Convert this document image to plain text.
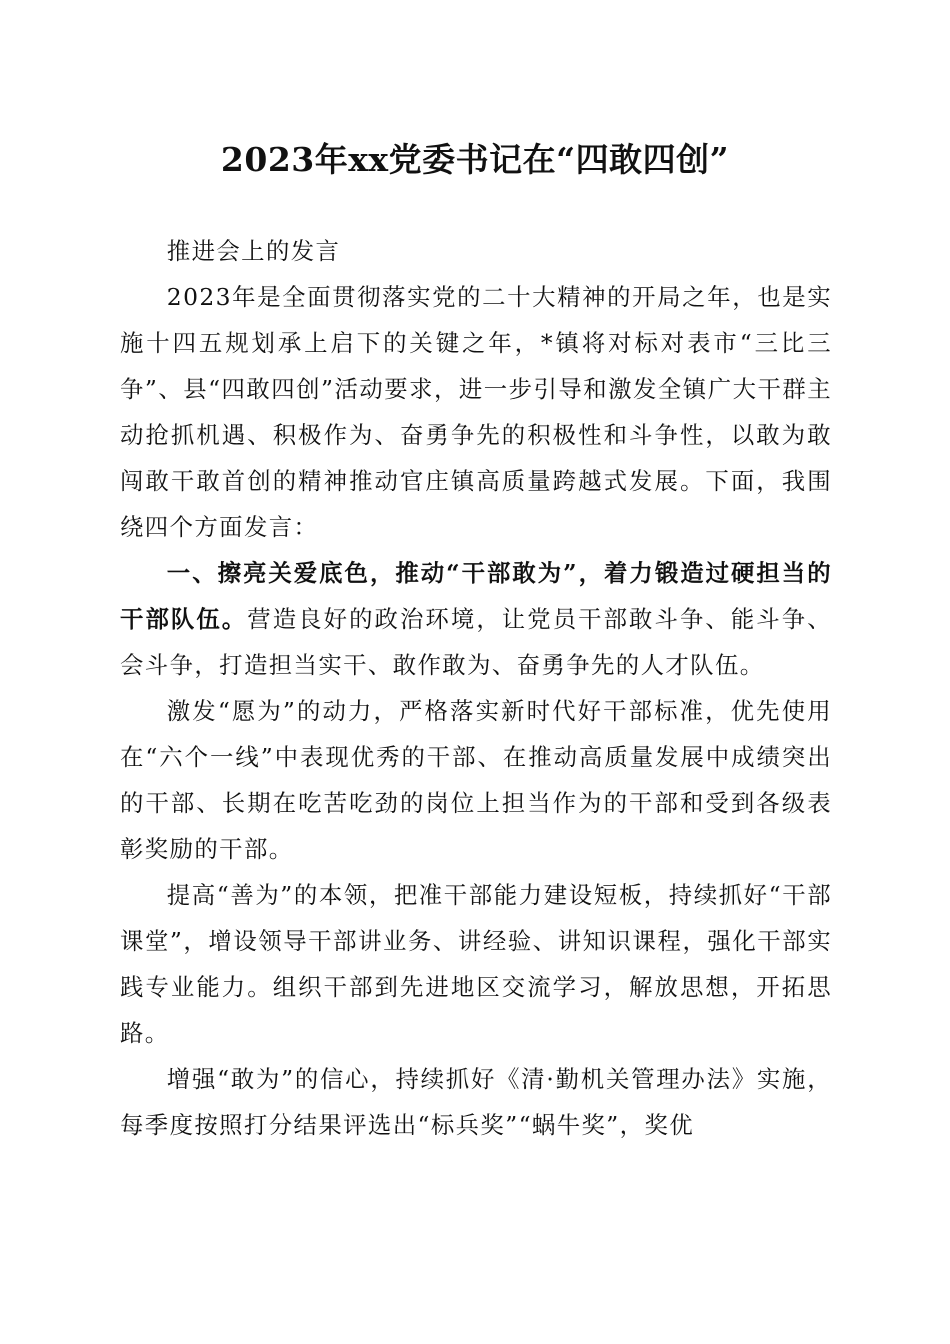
2023年xx党委书记在“四敢四创”

推进会上的发言

2023年是全面贯彻落实党的二十大精神的开局之年，也是实施十四五规划承上启下的关键之年，*镇将对标对表市“三比三争”、县“四敢四创”活动要求，进一步引导和激发全镇广大干群主动抢抓机遇、积极作为、奋勇争先的积极性和斗争性，以敢为敢闯敢干敢首创的精神推动官庄镇高质量跨越式发展。下面，我围绕四个方面发言：

一、擦亮关爱底色，推动“干部敢为”，着力锻造过硬担当的干部队伍。营造良好的政治环境，让党员干部敢斗争、能斗争、会斗争，打造担当实干、敢作敢为、奋勇争先的人才队伍。

激发“愿为”的动力，严格落实新时代好干部标准，优先使用在“六个一线”中表现优秀的干部、在推动高质量发展中成绩突出的干部、长期在吃苦吃劲的岗位上担当作为的干部和受到各级表彰奖励的干部。

提高“善为”的本领，把准干部能力建设短板，持续抓好“干部课堂”，增设领导干部讲业务、讲经验、讲知识课程，强化干部实践专业能力。组织干部到先进地区交流学习，解放思想，开拓思路。

增强“敢为”的信心，持续抓好《清·勤机关管理办法》实施，每季度按照打分结果评选出“标兵奖”“蜗牛奖”，奖优
